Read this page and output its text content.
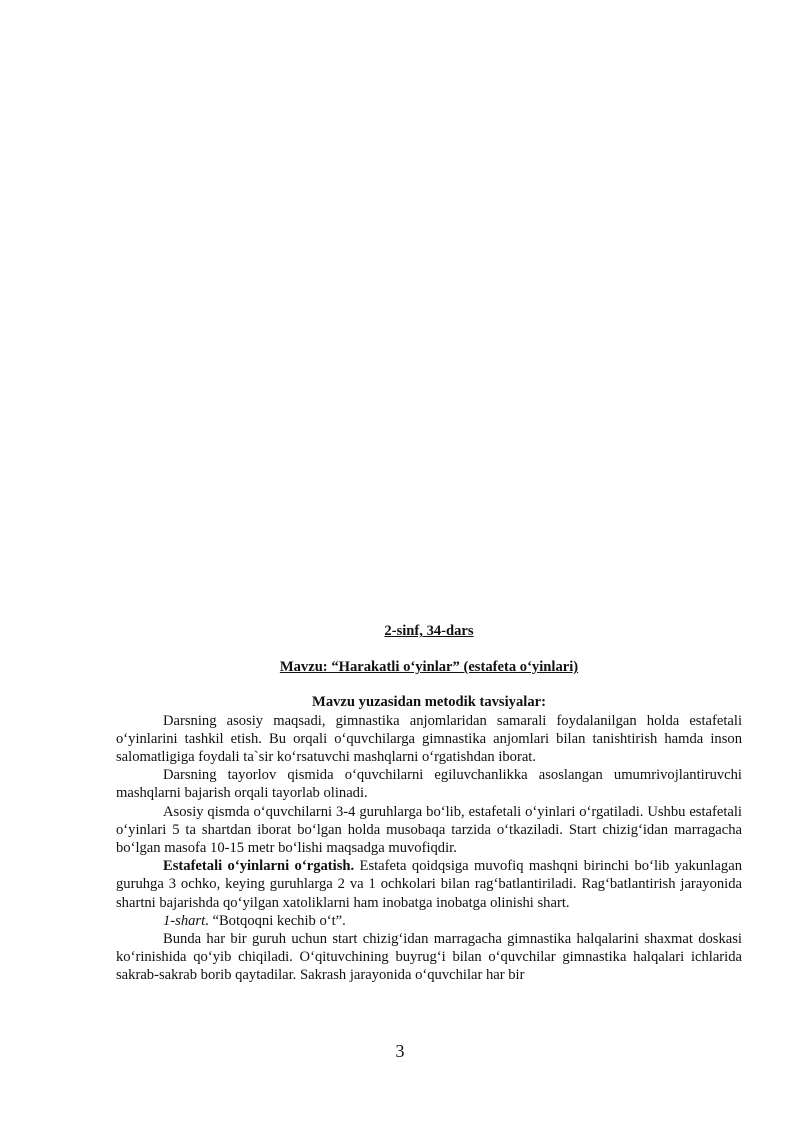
2-sinf, 34-dars
Mavzu: “Harakatli o‘yinlar” (estafeta o‘yinlari)
Mavzu yuzasidan metodik tavsiyalar:

Darsning asosiy maqsadi, gimnastika anjomlaridan samarali foydalanilgan holda estafetali o‘yinlarini tashkil etish. Bu orqali o‘quvchilarga gimnastika anjomlari bilan tanishtirish hamda inson salomatligiga foydali ta`sir ko‘rsatuvchi mashqlarni o‘rgatishdan iborat.

Darsning tayorlov qismida o‘quvchilarni egiluvchanlikka asoslangan umumrivojlantiruvchi mashqlarni bajarish orqali tayorlab olinadi.

Asosiy qismda o‘quvchilarni 3-4 guruhlarga bo‘lib, estafetali o‘yinlari o‘rgatiladi. Ushbu estafetali o‘yinlari 5 ta shartdan iborat bo‘lgan holda musobaqa tarzida o‘tkaziladi. Start chizig‘idan marragacha bo‘lgan masofa 10-15 metr bo‘lishi maqsadga muvofiqdir.

Estafetali o‘yinlarni o‘rgatish. Estafeta qoidqsiga muvofiq mashqni birinchi bo‘lib yakunlagan guruhga 3 ochko, keying guruhlarga 2 va 1 ochkolari bilan rag‘batlantiriladi. Rag‘batlantirish jarayonida shartni bajarishda qo‘yilgan xatoliklarni ham inobatga inobatga olinishi shart.

1-shart. “Botqoqni kechib o‘t”.

Bunda har bir guruh uchun start chizig‘idan marragacha gimnastika halqalarini shaxmat doskasi ko‘rinishida qo‘yib chiqiladi. O‘qituvchining buyrug‘i bilan o‘quvchilar gimnastika halqalari ichlarida sakrab-sakrab borib qaytadilar. Sakrash jarayonida o‘quvchilar har bir

3
